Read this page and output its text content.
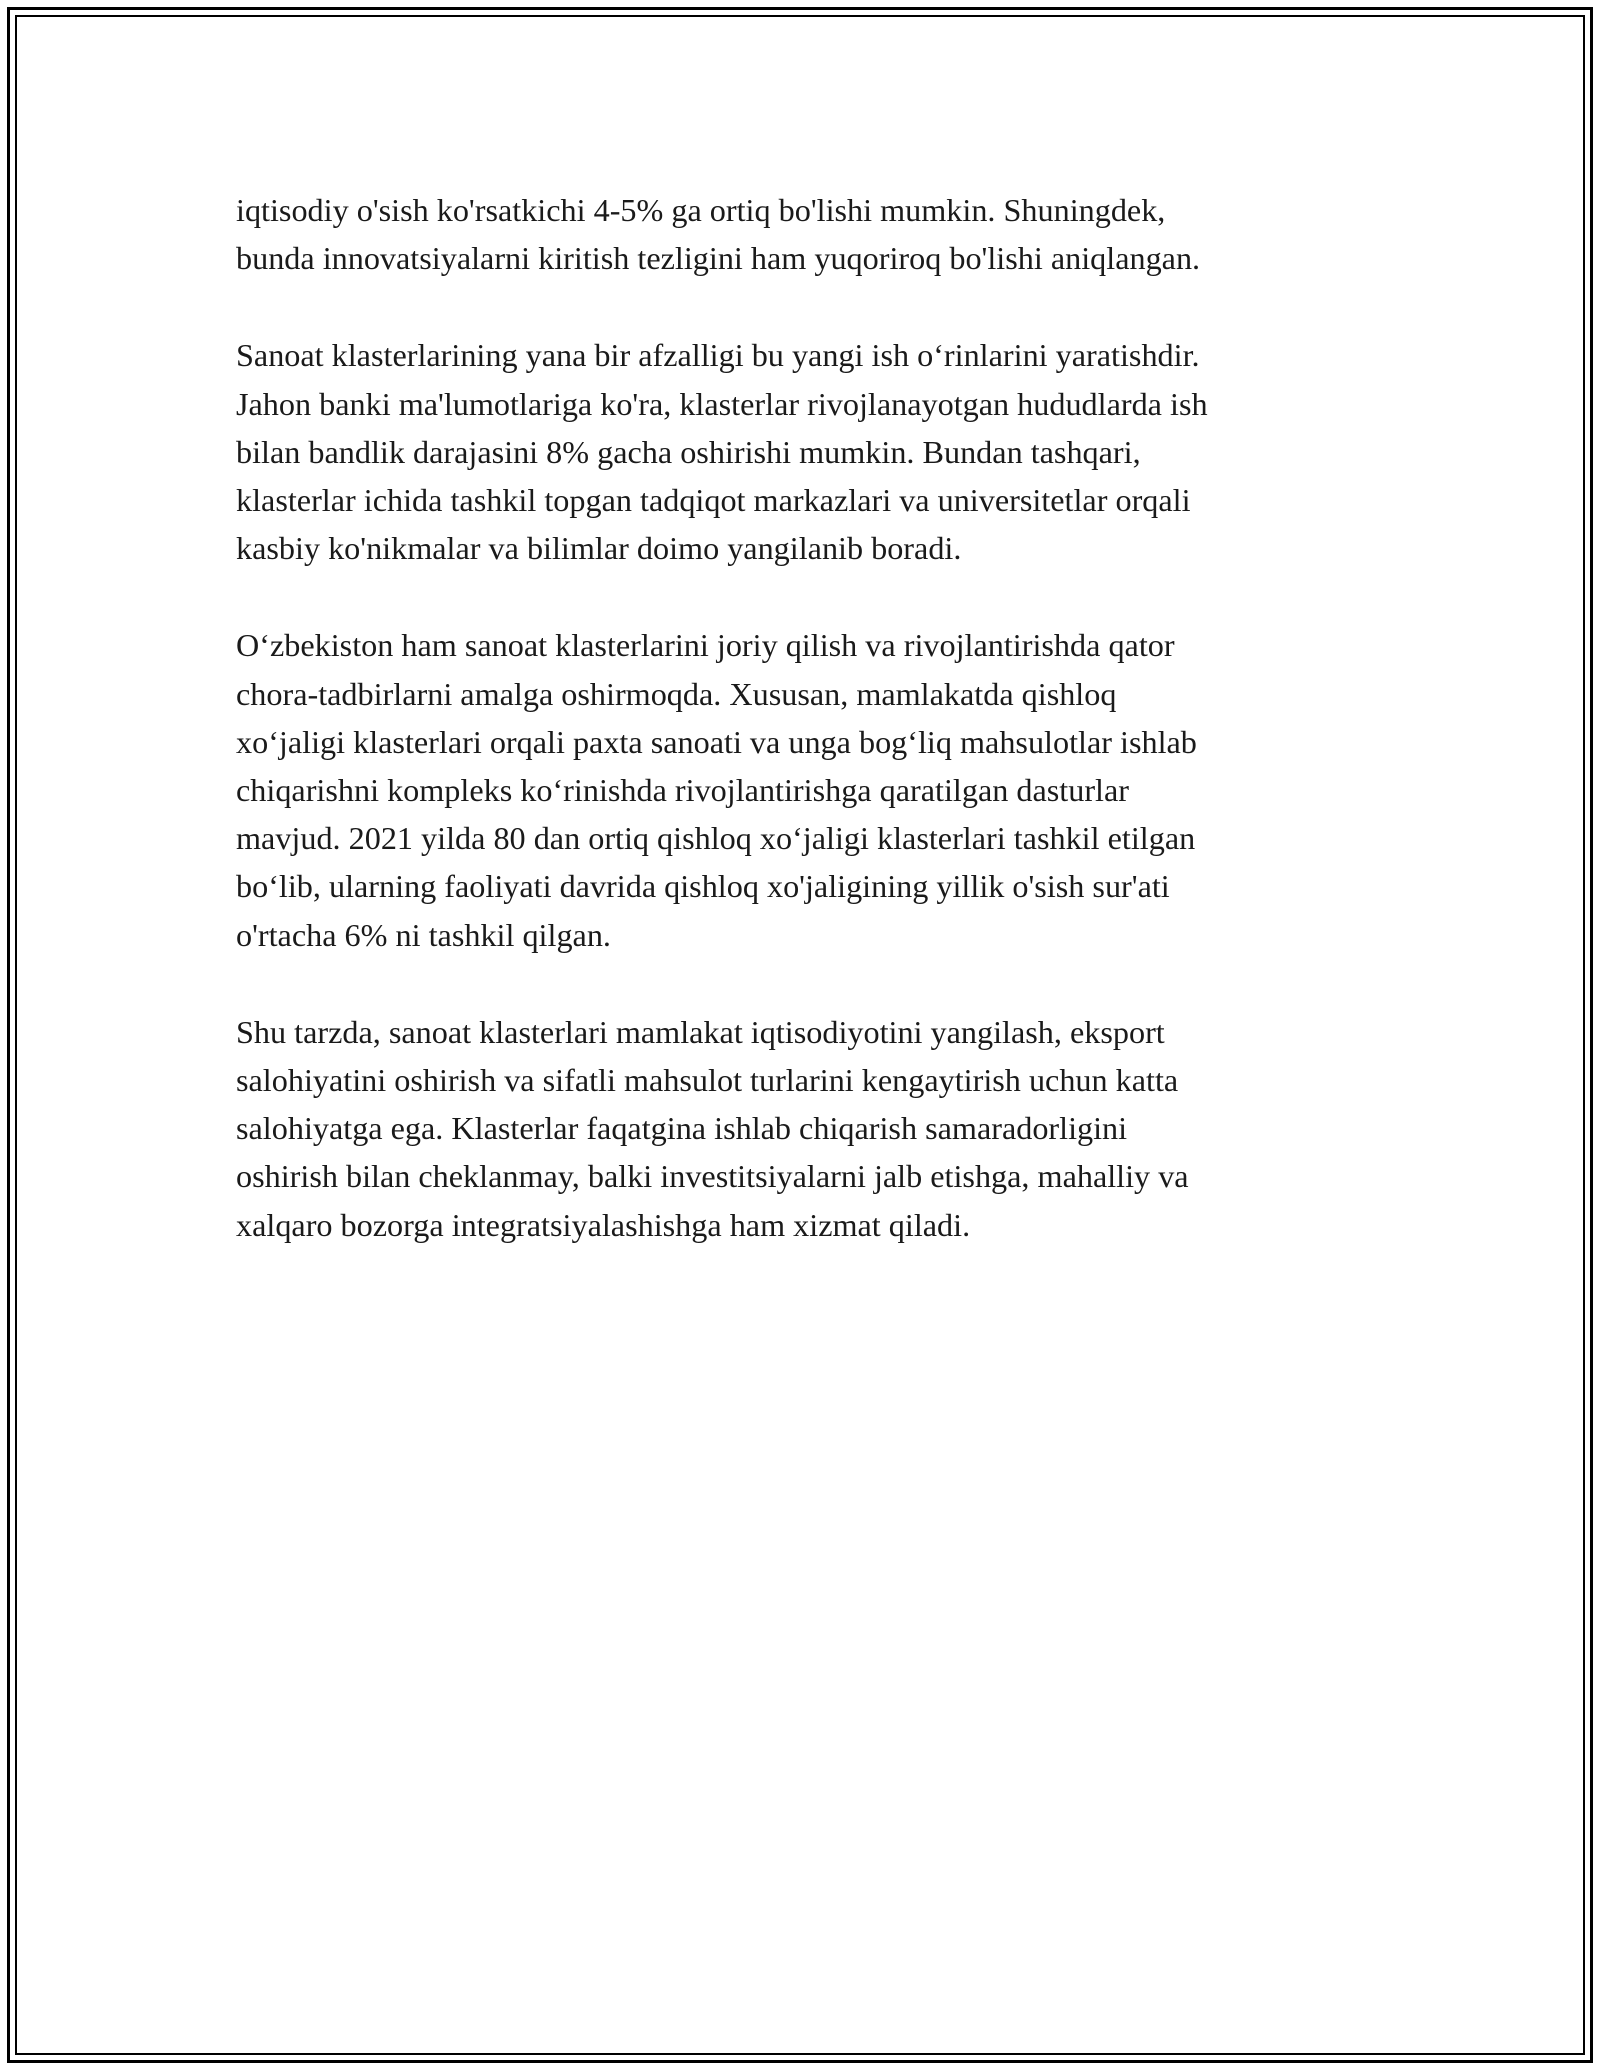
iqtisodiy o'sish ko'rsatkichi 4-5% ga ortiq bo'lishi mumkin. Shuningdek,
bunda innovatsiyalarni kiritish tezligini ham yuqoriroq bo'lishi aniqlangan.

Sanoat klasterlarining yana bir afzalligi bu yangi ish o‘rinlarini yaratishdir.
Jahon banki ma'lumotlariga ko'ra, klasterlar rivojlanayotgan hududlarda ish
bilan bandlik darajasini 8% gacha oshirishi mumkin. Bundan tashqari,
klasterlar ichida tashkil topgan tadqiqot markazlari va universitetlar orqali
kasbiy ko'nikmalar va bilimlar doimo yangilanib boradi.

O‘zbekiston ham sanoat klasterlarini joriy qilish va rivojlantirishda qator
chora-tadbirlarni amalga oshirmoqda. Xususan, mamlakatda qishloq
xo‘jaligi klasterlari orqali paxta sanoati va unga bog‘liq mahsulotlar ishlab
chiqarishni kompleks ko‘rinishda rivojlantirishga qaratilgan dasturlar
mavjud. 2021 yilda 80 dan ortiq qishloq xo‘jaligi klasterlari tashkil etilgan
bo‘lib, ularning faoliyati davrida qishloq xo'jaligining yillik o'sish sur'ati
o'rtacha 6% ni tashkil qilgan.

Shu tarzda, sanoat klasterlari mamlakat iqtisodiyotini yangilash, eksport
salohiyatini oshirish va sifatli mahsulot turlarini kengaytirish uchun katta
salohiyatga ega. Klasterlar faqatgina ishlab chiqarish samaradorligini
oshirish bilan cheklanmay, balki investitsiyalarni jalb etishga, mahalliy va
xalqaro bozorga integratsiyalashishga ham xizmat qiladi.
